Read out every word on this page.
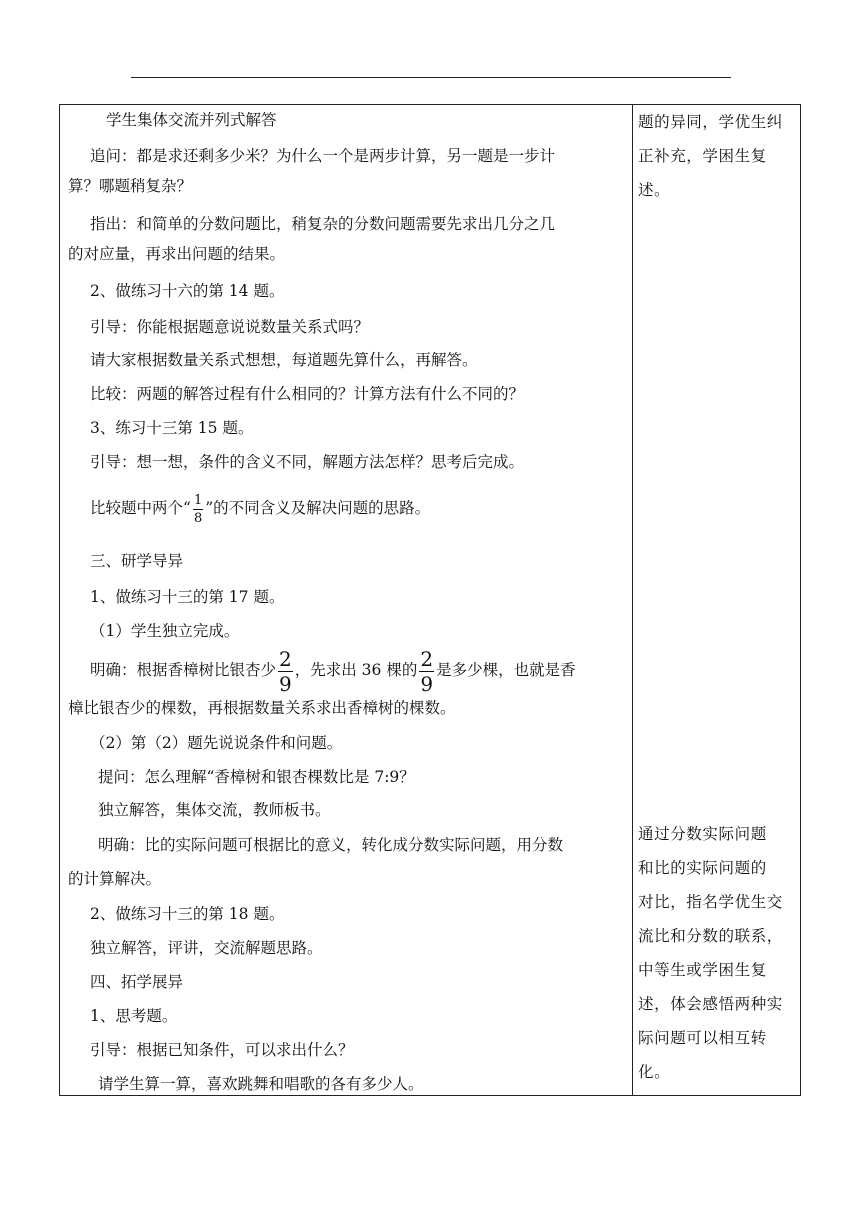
学生集体交流并列式解答
追问：都是求还剩多少米？为什么一个是两步计算，另一题是一步计
算？哪题稍复杂？
指出：和简单的分数问题比，稍复杂的分数问题需要先求出几分之几
的对应量，再求出问题的结果。
2、做练习十六的第 14 题。
引导：你能根据题意说说数量关系式吗？
请大家根据数量关系式想想，每道题先算什么，再解答。
比较：两题的解答过程有什么相同的？计算方法有什么不同的？
3、练习十三第 15 题。
引导：想一想，条件的含义不同，解题方法怎样？思考后完成。
比较题中两个“ $\frac{1}{8}$ ”的不同含义及解决问题的思路。
三、研学导异
1、做练习十三的第 17 题。
（1）学生独立完成。
明确：根据香樟树比银杏少 $\frac{2}{9}$ ，先求出 36 棵的 $\frac{2}{9}$ 是多少棵，也就是香
樟比银杏少的棵数，再根据数量关系求出香樟树的棵数。
（2）第（2）题先说说条件和问题。
提问：怎么理解“香樟树和银杏棵数比是 7:9？
独立解答，集体交流，教师板书。
明确：比的实际问题可根据比的意义，转化成分数实际问题，用分数
的计算解决。
2、做练习十三的第 18 题。
独立解答，评讲，交流解题思路。
四、拓学展异
1、思考题。
引导：根据已知条件，可以求出什么？
请学生算一算，喜欢跳舞和唱歌的各有多少人。
题的异同，学优生纠
正补充，学困生复
述。
通过分数实际问题
和比的实际问题的
对比，指名学优生交
流比和分数的联系，
中等生或学困生复
述，体会感悟两种实
际问题可以相互转
化。
